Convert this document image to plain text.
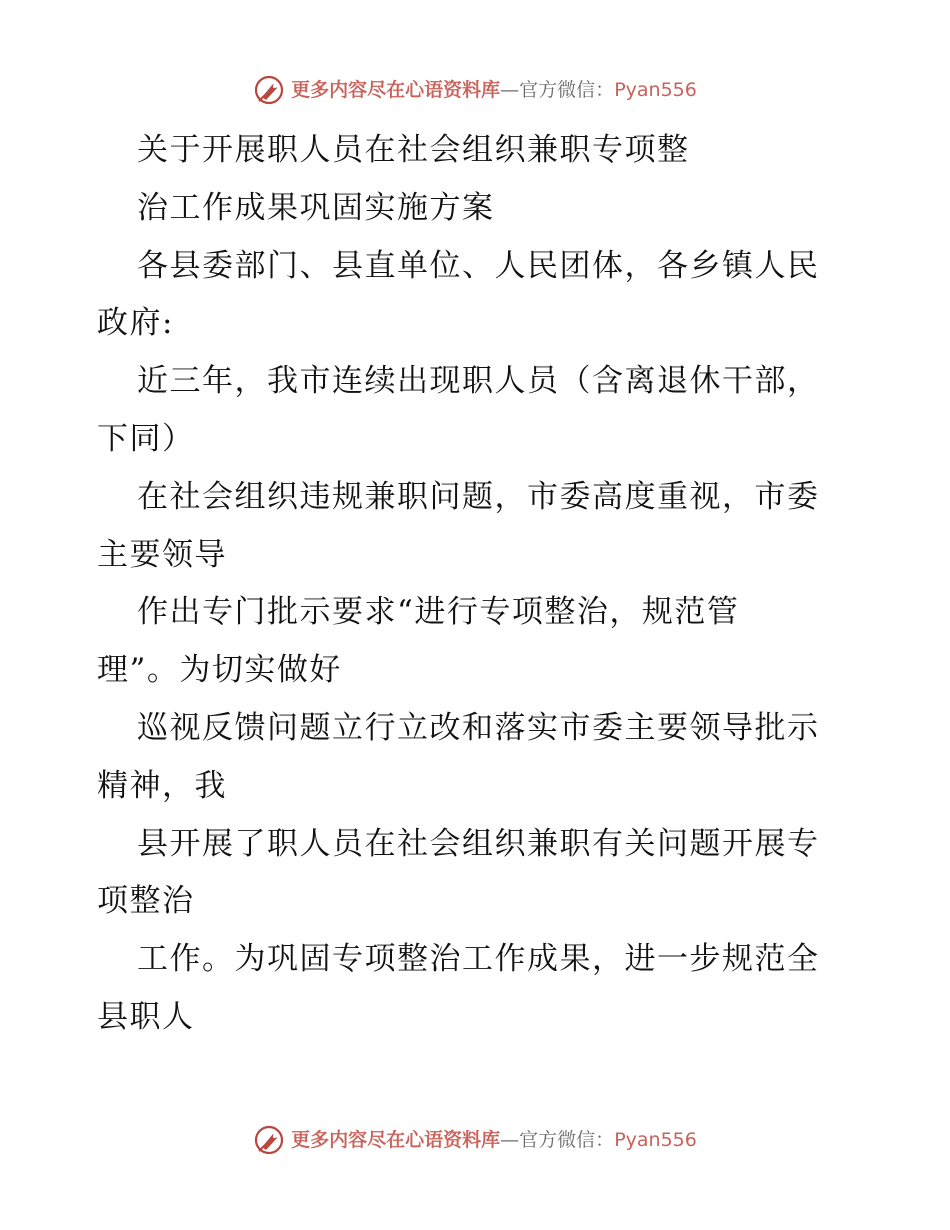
更多内容尽在心语资料库—官方微信：Pyan556
关于开展职人员在社会组织兼职专项整
治工作成果巩固实施方案
各县委部门、县直单位、人民团体，各乡镇人民
政府:
近三年，我市连续出现职人员（含离退休干部，
下同）
在社会组织违规兼职问题，市委高度重视，市委
主要领导
作出专门批示要求“进行专项整治，规范管
理”。为切实做好
巡视反馈问题立行立改和落实市委主要领导批示
精神，我
县开展了职人员在社会组织兼职有关问题开展专
项整治
工作。为巩固专项整治工作成果，进一步规范全
县职人
更多内容尽在心语资料库—官方微信：Pyan556
